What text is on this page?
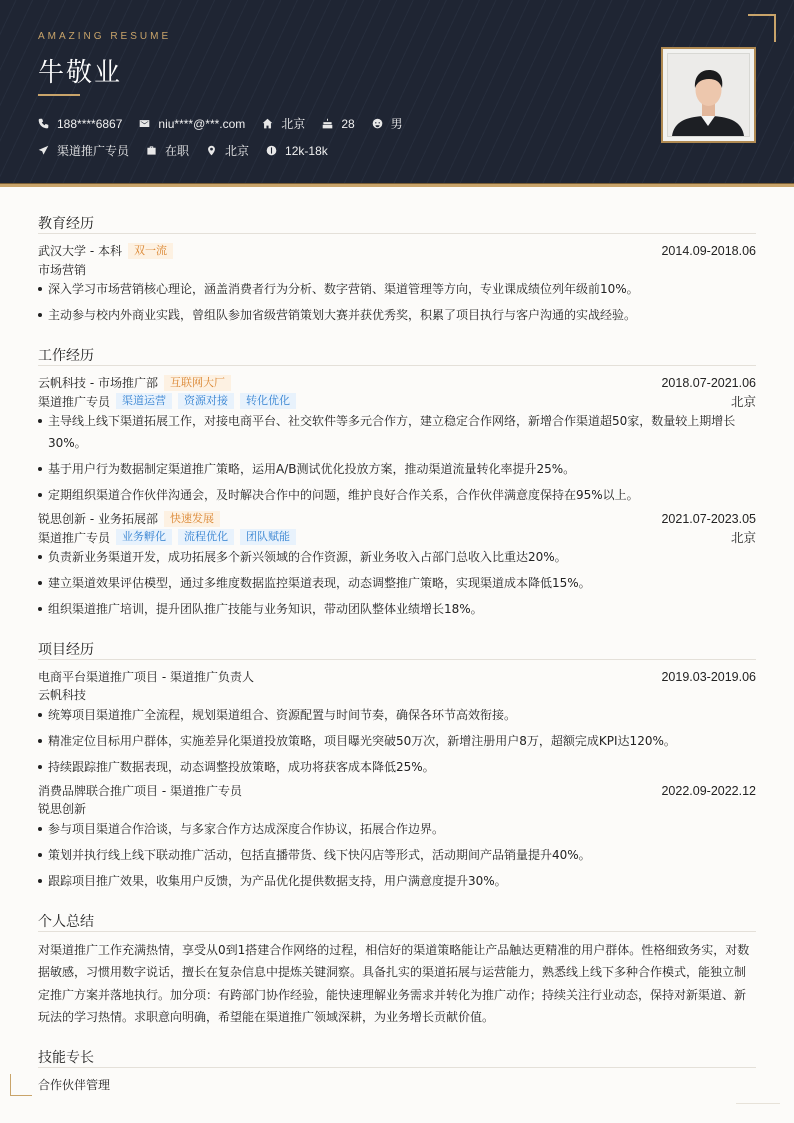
AMAZING RESUME
牛敬业
188****6867	niu****@***.com	北京	28	男
渠道推广专员	在职	北京	12k-18k
教育经历
武汉大学 - 本科	双一流	2014.09-2018.06
市场营销
深入学习市场营销核心理论，涵盖消费者行为分析、数字营销、渠道管理等方向，专业课成绩位列年级前10%。
主动参与校内外商业实践，曾组队参加省级营销策划大赛并获优秀奖，积累了项目执行与客户沟通的实战经验。
工作经历
云帆科技 - 市场推广部	互联网大厂	2018.07-2021.06
渠道推广专员	渠道运营	资源对接	转化优化	北京
主导线上线下渠道拓展工作，对接电商平台、社交软件等多元合作方，建立稳定合作网络，新增合作渠道超50家，数量较上期增长
30%。
基于用户行为数据制定渠道推广策略，运用A/B测试优化投放方案，推动渠道流量转化率提升25%。
定期组织渠道合作伙伴沟通会，及时解决合作中的问题，维护良好合作关系，合作伙伴满意度保持在95%以上。
锐思创新 - 业务拓展部	快速发展	2021.07-2023.05
渠道推广专员	业务孵化	流程优化	团队赋能	北京
负责新业务渠道开发，成功拓展多个新兴领域的合作资源，新业务收入占部门总收入比重达20%。
建立渠道效果评估模型，通过多维度数据监控渠道表现，动态调整推广策略，实现渠道成本降低15%。
组织渠道推广培训，提升团队推广技能与业务知识，带动团队整体业绩增长18%。
项目经历
电商平台渠道推广项目 - 渠道推广负责人	2019.03-2019.06
云帆科技
统筹项目渠道推广全流程，规划渠道组合、资源配置与时间节奏，确保各环节高效衔接。
精准定位目标用户群体，实施差异化渠道投放策略，项目曝光突破50万次，新增注册用户8万，超额完成KPI达120%。
持续跟踪推广数据表现，动态调整投放策略，成功将获客成本降低25%。
消费品牌联合推广项目 - 渠道推广专员	2022.09-2022.12
锐思创新
参与项目渠道合作洽谈，与多家合作方达成深度合作协议，拓展合作边界。
策划并执行线上线下联动推广活动，包括直播带货、线下快闪店等形式，活动期间产品销量提升40%。
跟踪项目推广效果，收集用户反馈，为产品优化提供数据支持，用户满意度提升30%。
个人总结
对渠道推广工作充满热情，享受从0到1搭建合作网络的过程，相信好的渠道策略能让产品触达更精准的用户群体。性格细致务实，对数
据敏感，习惯用数字说话，擅长在复杂信息中提炼关键洞察。具备扎实的渠道拓展与运营能力，熟悉线上线下多种合作模式，能独立制
定推广方案并落地执行。加分项：有跨部门协作经验，能快速理解业务需求并转化为推广动作；持续关注行业动态，保持对新渠道、新
玩法的学习热情。求职意向明确，希望能在渠道推广领域深耕，为业务增长贡献价值。
技能专长
合作伙伴管理
